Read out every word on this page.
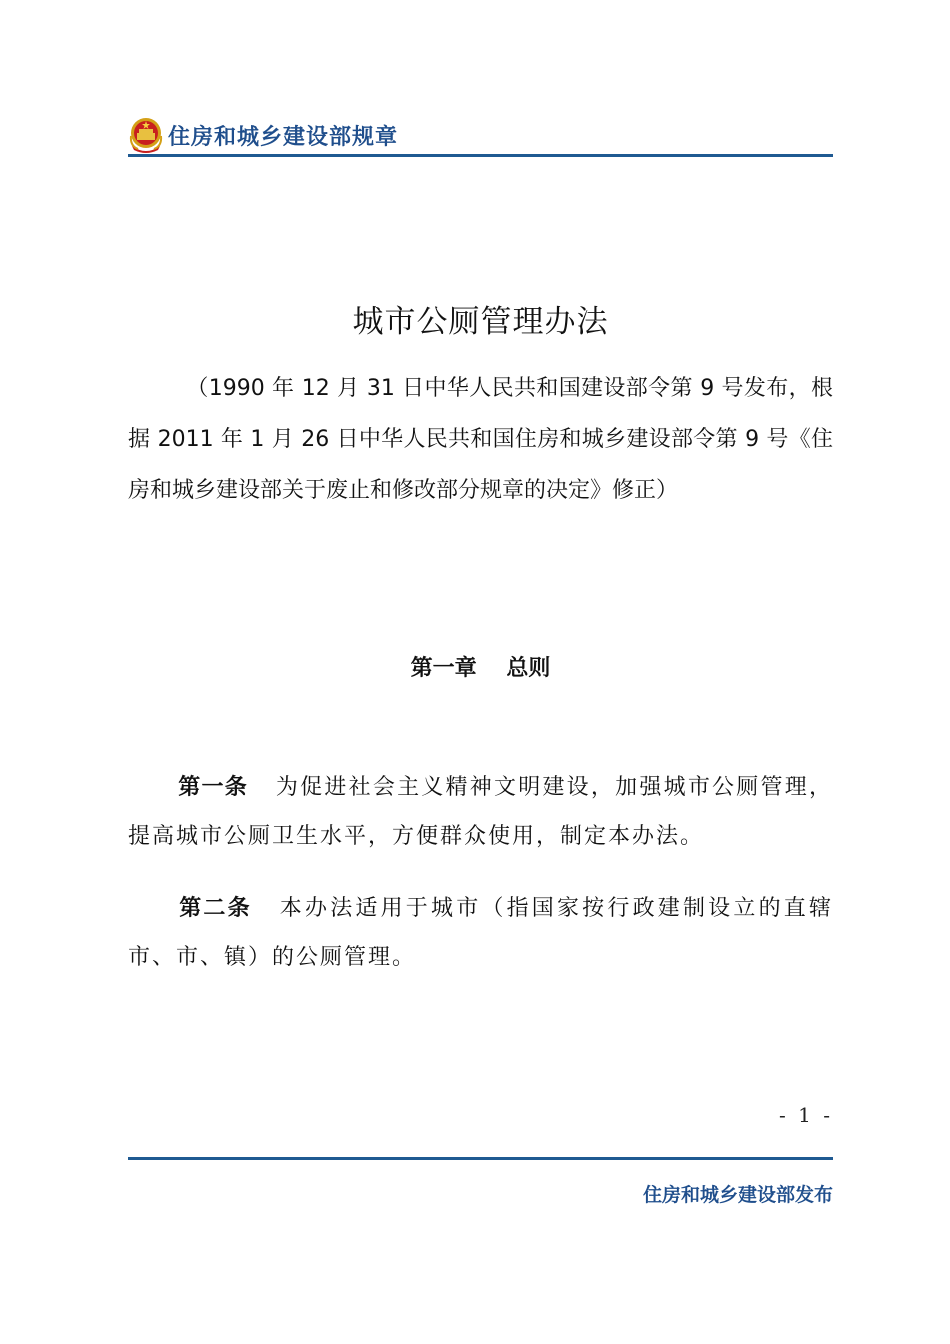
住房和城乡建设部规章
城市公厕管理办法
（1990 年 12 月 31 日中华人民共和国建设部令第 9 号发布，根据 2011 年 1 月 26 日中华人民共和国住房和城乡建设部令第 9 号《住房和城乡建设部关于废止和修改部分规章的决定》修正）
第一章　 总则
第一条 为促进社会主义精神文明建设，加强城市公厕管理，提高城市公厕卫生水平，方便群众使用，制定本办法。
第二条 本办法适用于城市（指国家按行政建制设立的直辖市、市、镇）的公厕管理。
- 1 -
住房和城乡建设部发布
